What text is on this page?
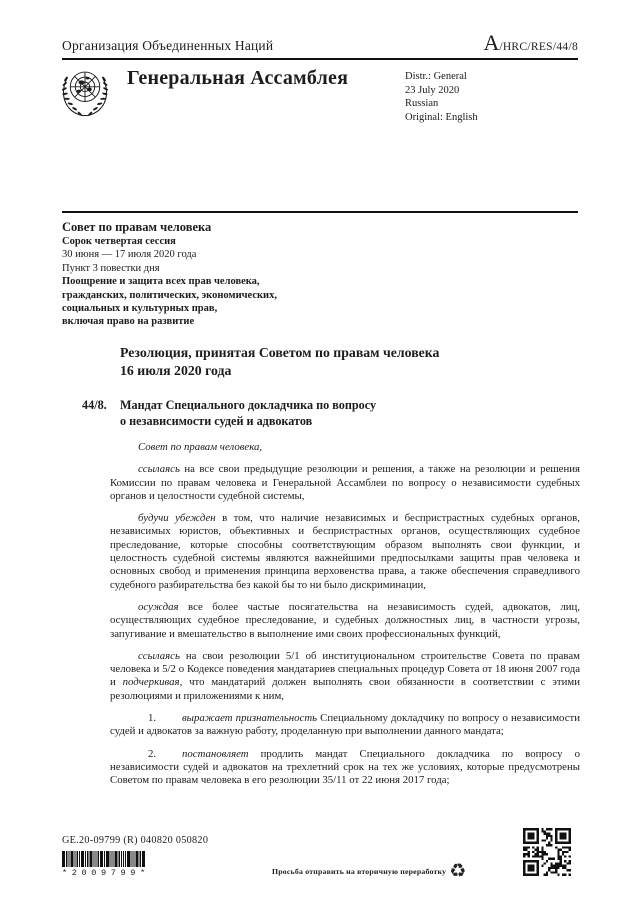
Организация Объединенных Наций	A/HRC/RES/44/8
Генеральная Ассамблея	Distr.: General
23 July 2020
Russian
Original: English
Совет по правам человека
Сорок четвертая сессия
30 июня — 17 июля 2020 года
Пункт 3 повестки дня
Поощрение и защита всех прав человека,
гражданских, политических, экономических,
социальных и культурных прав,
включая право на развитие
Резолюция, принятая Советом по правам человека
16 июля 2020 года
44/8. Мандат Специального докладчика по вопросу
о независимости судей и адвокатов

Совет по правам человека,

ссылаясь на все свои предыдущие резолюции и решения, а также на резолюции и решения Комиссии по правам человека и Генеральной Ассамблеи по вопросу о независимости судебных органов и целостности судебной системы,

будучи убежден в том, что наличие независимых и беспристрастных судебных органов, независимых юристов, объективных и беспристрастных органов, осуществляющих судебное преследование, которые способны соответствующим образом выполнять свои функции, и целостность судебной системы являются важнейшими предпосылками защиты прав человека и основных свобод и применения принципа верховенства права, а также обеспечения справедливого судебного разбирательства без какой бы то ни было дискриминации,

осуждая все более частые посягательства на независимость судей, адвокатов, лиц, осуществляющих судебное преследование, и судебных должностных лиц, в частности угрозы, запугивание и вмешательство в выполнение ими своих профессиональных функций,

ссылаясь на свои резолюции 5/1 об институциональном строительстве Совета по правам человека и 5/2 о Кодексе поведения мандатариев специальных процедур Совета от 18 июня 2007 года и подчеркивая, что мандатарий должен выполнять свои обязанности в соответствии с этими резолюциями и приложениями к ним,

1. выражает признательность Специальному докладчику по вопросу о независимости судей и адвокатов за важную работу, проделанную при выполнении данного мандата;

2. постановляет продлить мандат Специального докладчика по вопросу о независимости судей и адвокатов на трехлетний срок на тех же условиях, которые предусмотрены Советом по правам человека в его резолюции 35/11 от 22 июня 2017 года;

GE.20-09799 (R) 040820 050820
*2009799*	Просьба отправить на вторичную переработку ♻
